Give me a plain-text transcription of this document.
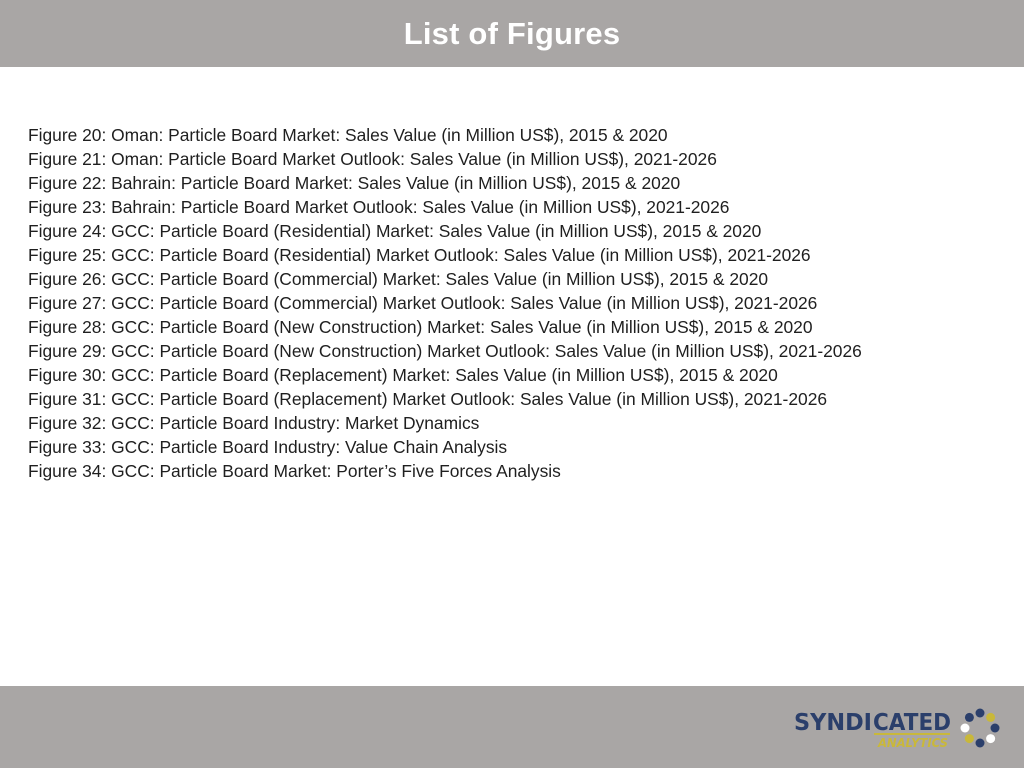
List of Figures
Figure 20: Oman: Particle Board Market: Sales Value (in Million US$), 2015 & 2020
Figure 21: Oman: Particle Board Market Outlook: Sales Value (in Million US$), 2021-2026
Figure 22: Bahrain: Particle Board Market: Sales Value (in Million US$), 2015 & 2020
Figure 23: Bahrain: Particle Board Market Outlook: Sales Value (in Million US$), 2021-2026
Figure 24: GCC: Particle Board (Residential) Market: Sales Value (in Million US$), 2015 & 2020
Figure 25: GCC: Particle Board (Residential) Market Outlook: Sales Value (in Million US$), 2021-2026
Figure 26: GCC: Particle Board (Commercial) Market: Sales Value (in Million US$), 2015 & 2020
Figure 27: GCC: Particle Board (Commercial) Market Outlook: Sales Value (in Million US$), 2021-2026
Figure 28: GCC: Particle Board (New Construction) Market: Sales Value (in Million US$), 2015 & 2020
Figure 29: GCC: Particle Board (New Construction) Market Outlook: Sales Value (in Million US$), 2021-2026
Figure 30: GCC: Particle Board (Replacement) Market: Sales Value (in Million US$), 2015 & 2020
Figure 31: GCC: Particle Board (Replacement) Market Outlook: Sales Value (in Million US$), 2021-2026
Figure 32: GCC: Particle Board Industry: Market Dynamics
Figure 33: GCC: Particle Board Industry: Value Chain Analysis
Figure 34: GCC: Particle Board Market: Porter’s Five Forces Analysis
SYNDI CATED
ANALYTICS
